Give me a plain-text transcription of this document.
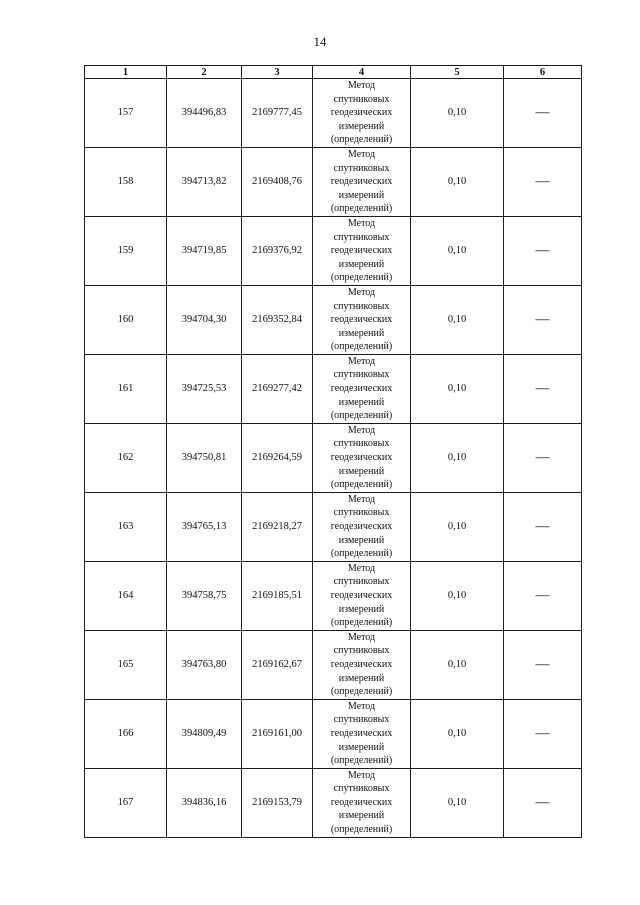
14
1	2	3	4	5	6
157	394496,83	2169777,45	Метод
спутниковых
геодезических
измерений
(определений)	0,10	—
158	394713,82	2169408,76	Метод
спутниковых
геодезических
измерений
(определений)	0,10	—
159	394719,85	2169376,92	Метод
спутниковых
геодезических
измерений
(определений)	0,10	—
160	394704,30	2169352,84	Метод
спутниковых
геодезических
измерений
(определений)	0,10	—
161	394725,53	2169277,42	Метод
спутниковых
геодезических
измерений
(определений)	0,10	—
162	394750,81	2169264,59	Метод
спутниковых
геодезических
измерений
(определений)	0,10	—
163	394765,13	2169218,27	Метод
спутниковых
геодезических
измерений
(определений)	0,10	—
164	394758,75	2169185,51	Метод
спутниковых
геодезических
измерений
(определений)	0,10	—
165	394763,80	2169162,67	Метод
спутниковых
геодезических
измерений
(определений)	0,10	—
166	394809,49	2169161,00	Метод
спутниковых
геодезических
измерений
(определений)	0,10	—
167	394836,16	2169153,79	Метод
спутниковых
геодезических
измерений
(определений)	0,10	—
